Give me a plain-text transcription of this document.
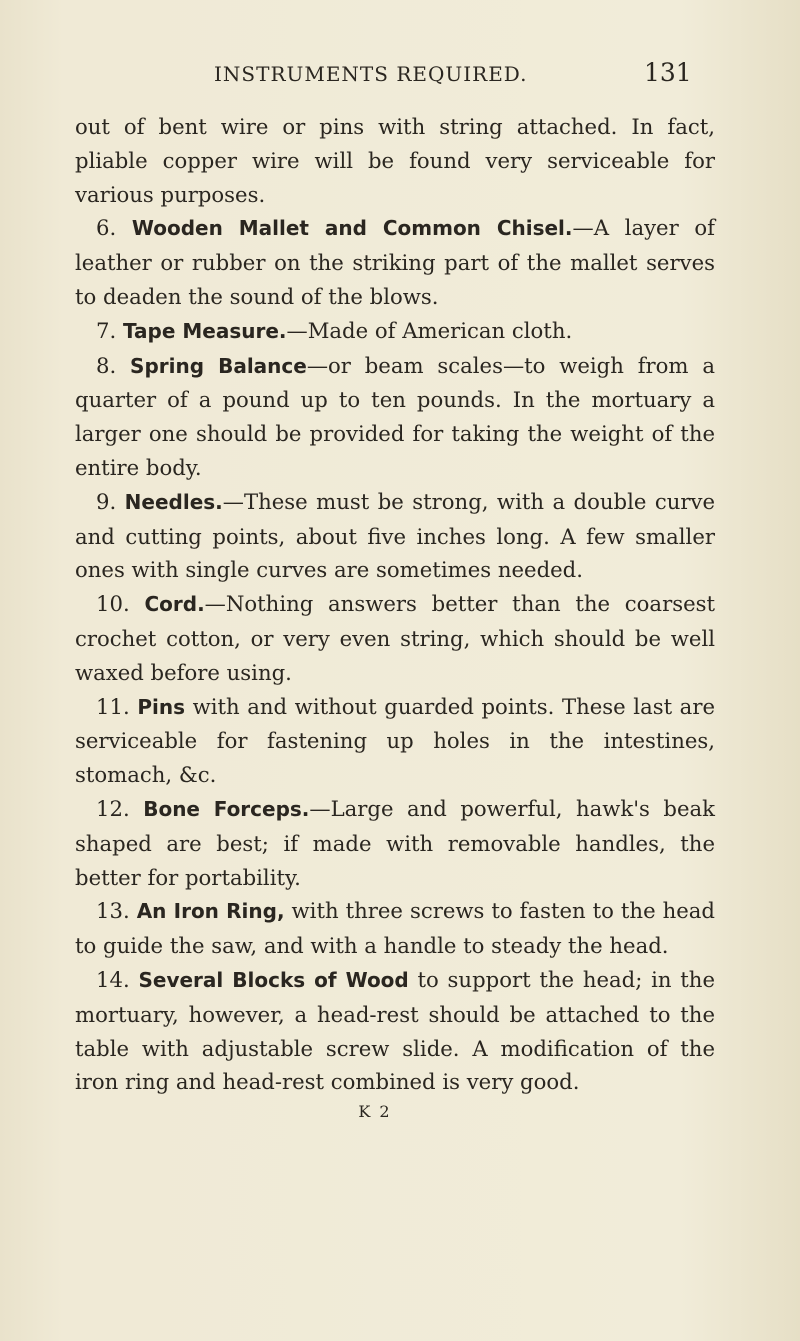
INSTRUMENTS REQUIRED.	131

out of bent wire or pins with string attached. In fact, pliable copper wire will be found very serviceable for various purposes.

6. Wooden Mallet and Common Chisel.—A layer of leather or rubber on the striking part of the mallet serves to deaden the sound of the blows.

7. Tape Measure.—Made of American cloth.

8. Spring Balance—or beam scales—to weigh from a quarter of a pound up to ten pounds. In the mortuary a larger one should be provided for taking the weight of the entire body.

9. Needles.—These must be strong, with a double curve and cutting points, about five inches long. A few smaller ones with single curves are sometimes needed.

10. Cord.—Nothing answers better than the coarsest crochet cotton, or very even string, which should be well waxed before using.

11. Pins with and without guarded points. These last are serviceable for fastening up holes in the intestines, stomach, &c.

12. Bone Forceps.—Large and powerful, hawk's beak shaped are best; if made with removable handles, the better for portability.

13. An Iron Ring, with three screws to fasten to the head to guide the saw, and with a handle to steady the head.

14. Several Blocks of Wood to support the head; in the mortuary, however, a head-rest should be attached to the table with adjustable screw slide. A modification of the iron ring and head-rest combined is very good.

K 2
